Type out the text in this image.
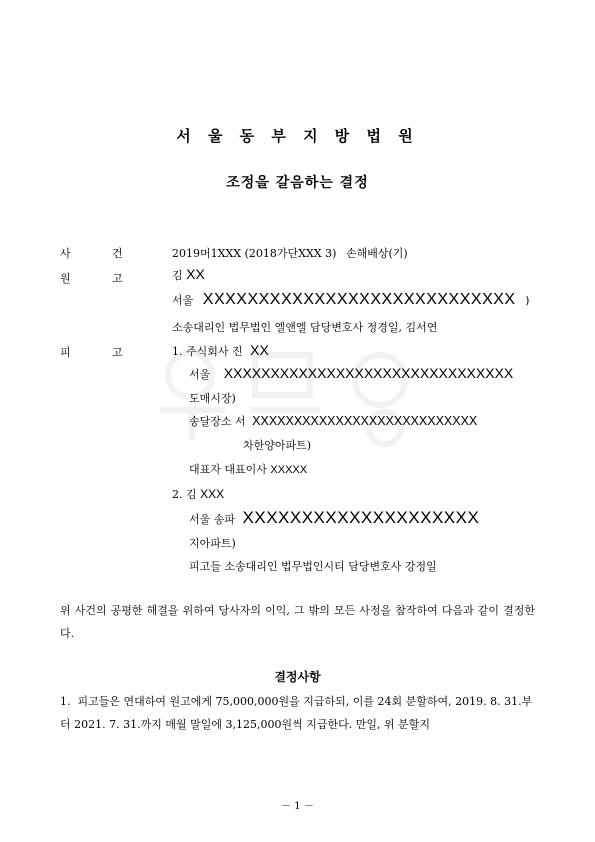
서 울 동 부 지 방 법 원
조정을 갈음하는 결정
사	건	2019머1XXX (2018가단XXX 3) 손해배상(기)
원	고	김 XX
서울 XXXXXXXXXXXXXXXXXXXXXXXXXXXX )
소송대리인 법무법인 엘앤엘 담당변호사 정경일, 김서연
피	고	1. 주식회사 진 XX
서울 XXXXXXXXXXXXXXXXXXXXXXXXXXXXXXX
도매시장)
송달장소 서 XXXXXXXXXXXXXXXXXXXXXXXXXXX
차한양아파트)
대표자 대표이사 XXXXX
2. 김 XXX
서울 송파 XXXXXXXXXXXXXXXXXXXX
지아파트)
피고들 소송대리인 법무법인시티 담당변호사 강정일
위 사건의 공평한 해결을 위하여 당사자의 이익, 그 밖의 모든 사정을 참작하여 다음과 같이 결정한다.
결정사항
1. 피고들은 연대하여 원고에게 75,000,000원을 지급하되, 이를 24회 분할하여, 2019. 8. 31.부터 2021. 7. 31.까지 매월 말일에 3,125,000원씩 지급한다. 만일, 위 분할지
－ 1 －
